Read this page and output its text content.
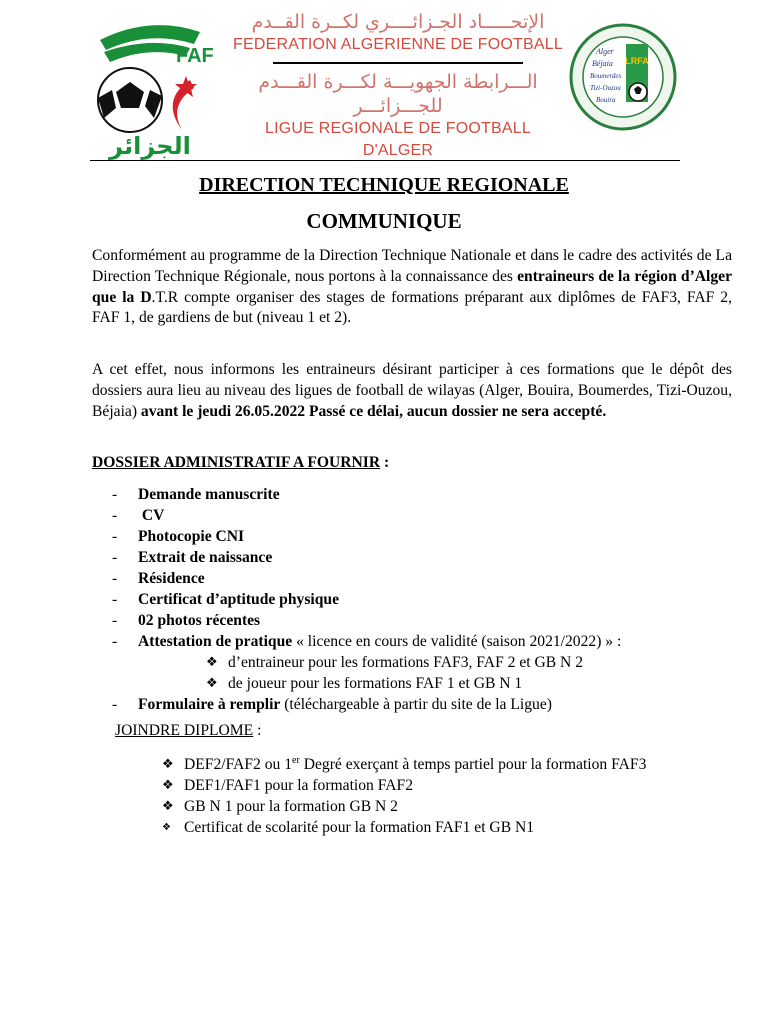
FAF
الجزائر
الإتحـــــاد الجـزائــــري لكــرة القــدم
FEDERATION ALGERIENNE DE FOOTBALL
الـــرابطة الجهويـــة لكـــرة القـــدم للجـــزائـــر
LIGUE REGIONALE DE FOOTBALL D'ALGER
Alger
Béjaia
Boumerdes
Tizi-Ouzou
Bouira
LRFA
DIRECTION TECHNIQUE REGIONALE
COMMUNIQUE

Conformément au programme de la Direction Technique Nationale et dans le cadre des activités de La Direction Technique Régionale, nous portons à la connaissance des entraineurs de la région d’Alger que la D.T.R compte organiser des stages de formations préparant aux diplômes de FAF3, FAF 2, FAF 1, de gardiens de but (niveau 1 et 2).

A cet effet, nous informons les entraineurs désirant participer à ces formations que le dépôt des dossiers aura lieu au niveau des ligues de football de wilayas (Alger, Bouira, Boumerdes, Tizi-Ouzou, Béjaia) avant le jeudi 26.05.2022 Passé ce délai, aucun dossier ne sera accepté.

DOSSIER ADMINISTRATIF A FOURNIR :
-	Demande manuscrite
-	CV
-	Photocopie CNI
-	Extrait de naissance
-	Résidence
-	Certificat d’aptitude physique
-	02 photos récentes
-	Attestation de pratique « licence en cours de validité (saison 2021/2022) » :
❖ d’entraineur pour les formations FAF3, FAF 2 et GB N 2
❖ de joueur pour les formations FAF 1 et GB N 1
-	Formulaire à remplir (téléchargeable à partir du site de la Ligue)
JOINDRE DIPLOME :
❖ DEF2/FAF2 ou 1er Degré exerçant à temps partiel pour la formation FAF3
❖ DEF1/FAF1 pour la formation FAF2
❖ GB N 1 pour la formation GB N 2
❖ Certificat de scolarité pour la formation FAF1 et GB N1
